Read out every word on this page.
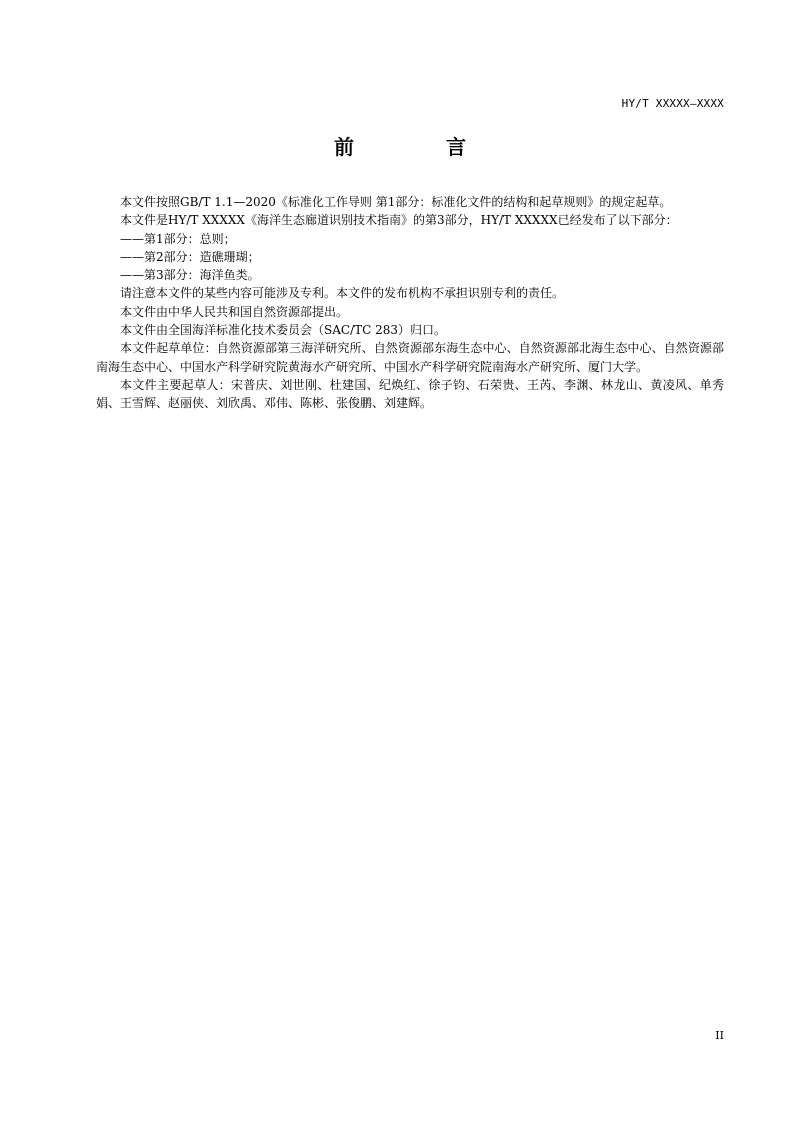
HY/T XXXXX—XXXX
前　言

本文件按照GB/T 1.1—2020《标准化工作导则 第1部分：标准化文件的结构和起草规则》的规定起草。

本文件是HY/T XXXXX《海洋生态廊道识别技术指南》的第3部分，HY/T XXXXX已经发布了以下部分：

——第1部分：总则；

——第2部分：造礁珊瑚；

——第3部分：海洋鱼类。

请注意本文件的某些内容可能涉及专利。本文件的发布机构不承担识别专利的责任。

本文件由中华人民共和国自然资源部提出。

本文件由全国海洋标准化技术委员会（SAC/TC 283）归口。

本文件起草单位：自然资源部第三海洋研究所、自然资源部东海生态中心、自然资源部北海生态中心、自然资源部南海生态中心、中国水产科学研究院黄海水产研究所、中国水产科学研究院南海水产研究所、厦门大学。

本文件主要起草人：宋普庆、刘世刚、杜建国、纪焕红、徐子钧、石荣贵、王芮、李渊、林龙山、黄凌风、单秀娟、王雪辉、赵丽侠、刘欣禹、邓伟、陈彬、张俊鹏、刘建辉。

II
